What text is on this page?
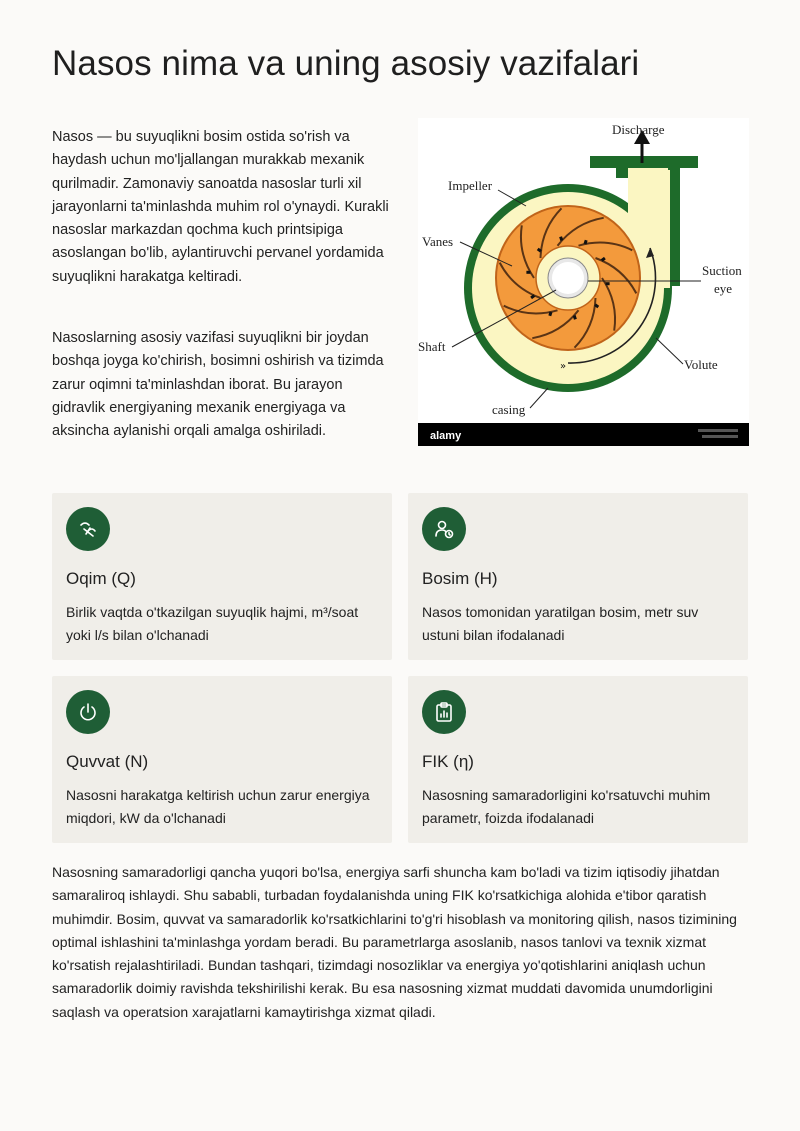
Nasos nima va uning asosiy vazifalari

Nasos — bu suyuqlikni bosim ostida so'rish va haydash uchun mo'ljallangan murakkab mexanik qurilmadir. Zamonaviy sanoatda nasoslar turli xil jarayonlarni ta'minlashda muhim rol o'ynaydi. Kurakli nasoslar markazdan qochma kuch printsipiga asoslangan bo'lib, aylantiruvchi pervanel yordamida suyuqlikni harakatga keltiradi.

Nasoslarning asosiy vazifasi suyuqlikni bir joydan boshqa joyga ko'chirish, bosimni oshirish va tizimda zarur oqimni ta'minlashdan iborat. Bu jarayon gidravlik energiyaning mexanik energiyaga va aksincha aylanishi orqali amalga oshiriladi.

»
Discharge
Impeller
Vanes
Suction
eye
Shaft
Volute
casing
alamy
Oqim (Q)

Birlik vaqtda o'tkazilgan suyuqlik hajmi, m³/soat yoki l/s bilan o'lchanadi

Bosim (H)

Nasos tomonidan yaratilgan bosim, metr suv ustuni bilan ifodalanadi

Quvvat (N)

Nasosni harakatga keltirish uchun zarur energiya miqdori, kW da o'lchanadi

FIK (η)

Nasosning samaradorligini ko'rsatuvchi muhim parametr, foizda ifodalanadi

Nasosning samaradorligi qancha yuqori bo'lsa, energiya sarfi shuncha kam bo'ladi va tizim iqtisodiy jihatdan samaraliroq ishlaydi. Shu sababli, turbadan foydalanishda uning FIK ko'rsatkichiga alohida e'tibor qaratish muhimdir. Bosim, quvvat va samaradorlik ko'rsatkichlarini to'g'ri hisoblash va monitoring qilish, nasos tizimining optimal ishlashini ta'minlashga yordam beradi. Bu parametrlarga asoslanib, nasos tanlovi va texnik xizmat ko'rsatish rejalashtiriladi. Bundan tashqari, tizimdagi nosozliklar va energiya yo'qotishlarini aniqlash uchun samaradorlik doimiy ravishda tekshirilishi kerak. Bu esa nasosning xizmat muddati davomida unumdorligini saqlash va operatsion xarajatlarni kamaytirishga xizmat qiladi.
